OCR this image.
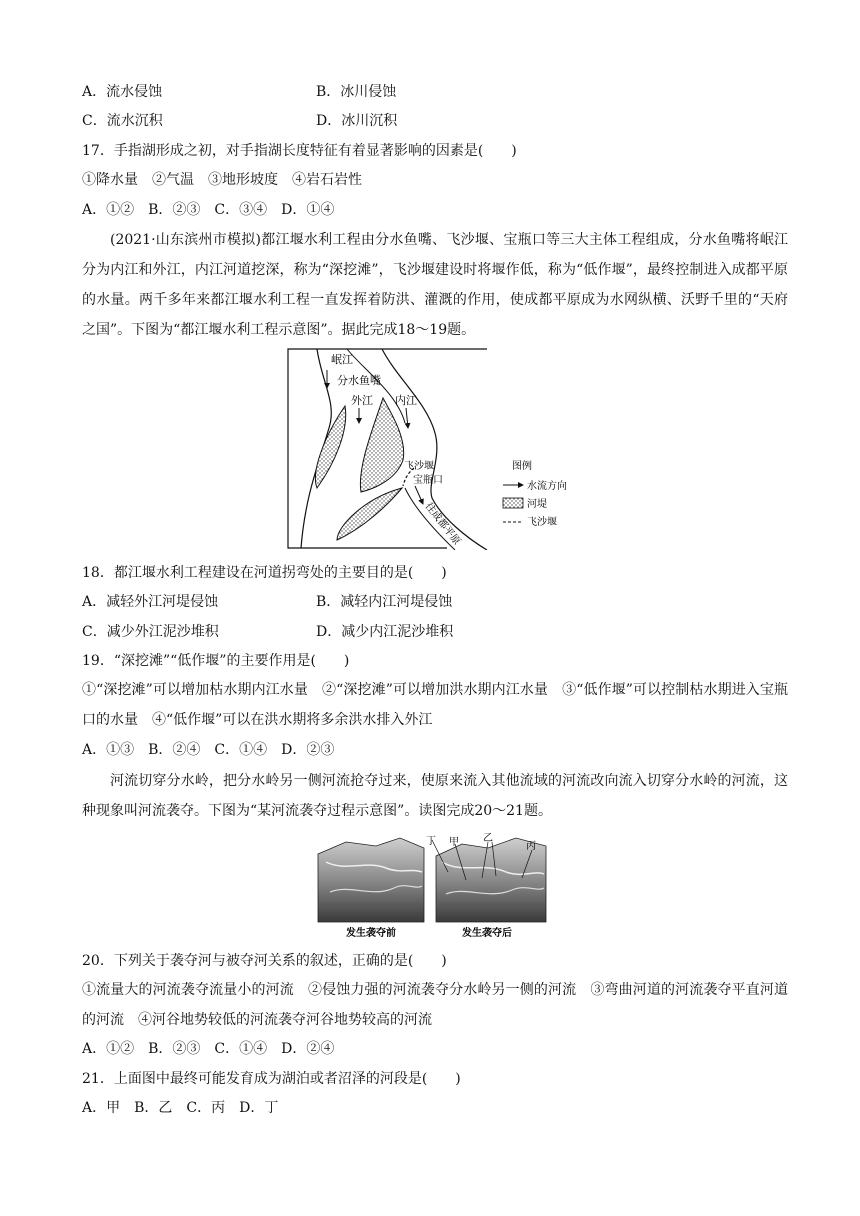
A．流水侵蚀	B．冰川侵蚀
C．流水沉积	D．冰川沉积
17．手指湖形成之初，对手指湖长度特征有着显著影响的因素是(　　)
①降水量　②气温　③地形坡度　④岩石岩性
A．①②　B．②③　C．③④　D．①④
(2021·山东滨州市模拟)都江堰水利工程由分水鱼嘴、飞沙堰、宝瓶口等三大主体工程组成，分水鱼嘴将岷江分为内江和外江，内江河道挖深，称为“深挖滩”，飞沙堰建设时将堰作低，称为“低作堰”，最终控制进入成都平原的水量。两千多年来都江堰水利工程一直发挥着防洪、灌溉的作用，使成都平原成为水网纵横、沃野千里的“天府之国”。下图为“都江堰水利工程示意图”。据此完成18～19题。
岷江
分水鱼嘴
外江 内江
飞沙堰
宝瓶口
往成都平原
图例
水流方向
河堤
飞沙堰
18．都江堰水利工程建设在河道拐弯处的主要目的是(　　)
A．减轻外江河堤侵蚀	B．减轻内江河堤侵蚀
C．减少外江泥沙堆积	D．减少内江泥沙堆积
19．“深挖滩”“低作堰”的主要作用是(　　)
①“深挖滩”可以增加枯水期内江水量　②“深挖滩”可以增加洪水期内江水量　③“低作堰”可以控制枯水期进入宝瓶口的水量　④“低作堰”可以在洪水期将多余洪水排入外江
A．①③　B．②④　C．①④　D．②③
河流切穿分水岭，把分水岭另一侧河流抢夺过来，使原来流入其他流域的河流改向流入切穿分水岭的河流，这种现象叫河流袭夺。下图为“某河流袭夺过程示意图”。读图完成20～21题。
丁 甲 乙
丙
发生袭夺前	发生袭夺后
20．下列关于袭夺河与被夺河关系的叙述，正确的是(　　)
①流量大的河流袭夺流量小的河流　②侵蚀力强的河流袭夺分水岭另一侧的河流　③弯曲河道的河流袭夺平直河道的河流　④河谷地势较低的河流袭夺河谷地势较高的河流
A．①②　B．②③　C．①④　D．②④
21．上面图中最终可能发育成为湖泊或者沼泽的河段是(　　)
A．甲　B．乙　C．丙　D．丁
